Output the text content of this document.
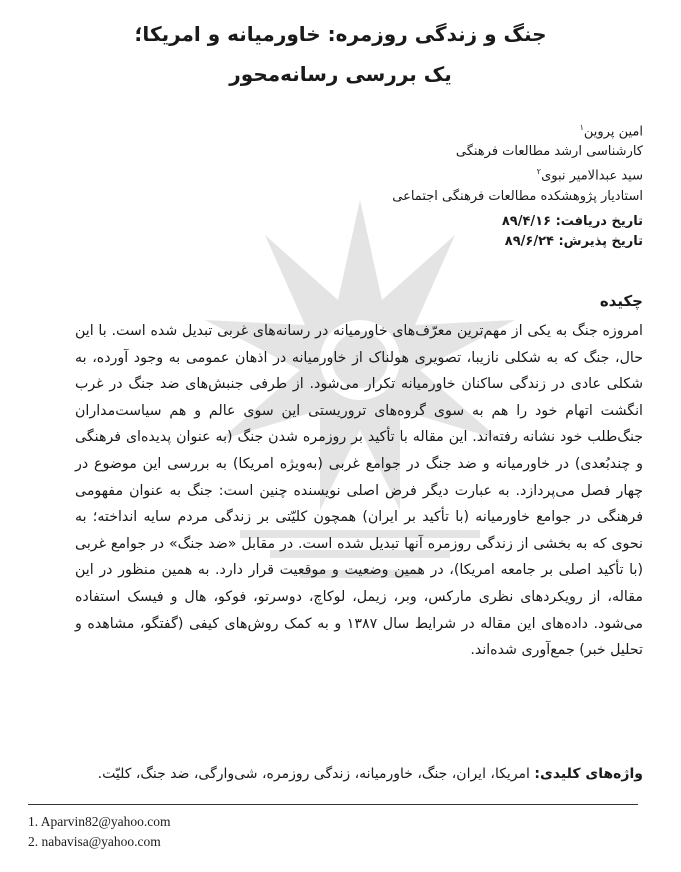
جنگ و زندگی روزمره: خاورمیانه و امریکا؛
یک بررسی رسانه‌محور
امین پروین$^۱$
کارشناسی ارشد مطالعات فرهنگی
سید عبدالامیر نبوی$^۲$
استادیار پژوهشکده مطالعات فرهنگی اجتماعی
تاریخ دریافت: ۸۹/۴/۱۶
تاریخ پذیرش: ۸۹/۶/۲۴
چکیده
امروزه جنگ به یکی از مهم‌ترین معرّف‌های خاورمیانه در رسانه‌های غربی تبدیل شده است. با این حال، جنگ که به شکلی نازیبا، تصویری هولناک از خاورمیانه در اذهان عمومی به وجود آورده، به شکلی عادی در زندگی ساکنان خاورمیانه تکرار می‌شود. از طرفی جنبش‌های ضد جنگ در غرب انگشت اتهام خود را هم به سوی گروه‌های تروریستی این سوی عالم و هم سیاست‌مداران جنگ‌طلب خود نشانه رفته‌اند. این مقاله با تأکید بر روزمره شدن جنگ (به عنوان پدیده‌ای فرهنگی و چندبُعدی) در خاورمیانه و ضد جنگ در جوامع غربی (به‌ویژه امریکا) به بررسی این موضوع در چهار فصل می‌پردازد. به عبارت دیگر فرض اصلی نویسنده چنین است: جنگ به عنوان مفهومی فرهنگی در جوامع خاورمیانه (با تأکید بر ایران) همچون کلیّتی بر زندگی مردم سایه انداخته؛ به نحوی که به بخشی از زندگی روزمره آنها تبدیل شده است. در مقابل «ضد جنگ» در جوامع غربی (با تأکید اصلی بر جامعه امریکا)، در همین وضعیت و موقعیت قرار دارد. به همین منظور در این مقاله، از رویکردهای نظری مارکس، وبر، زیمل، لوکاچ، دوسرتو، فوکو، هال و فیسک استفاده می‌شود. داده‌های این مقاله در شرایط سال ۱۳۸۷ و به کمک روش‌های کیفی (گفتگو، مشاهده و تحلیل خبر) جمع‌آوری شده‌اند.
واژه‌های کلیدی: امریکا، ایران، جنگ، خاورمیانه، زندگی روزمره، شی‌وارگی، ضد جنگ، کلیّت.
1. Aparvin82@yahoo.com
2. nabavisa@yahoo.com
